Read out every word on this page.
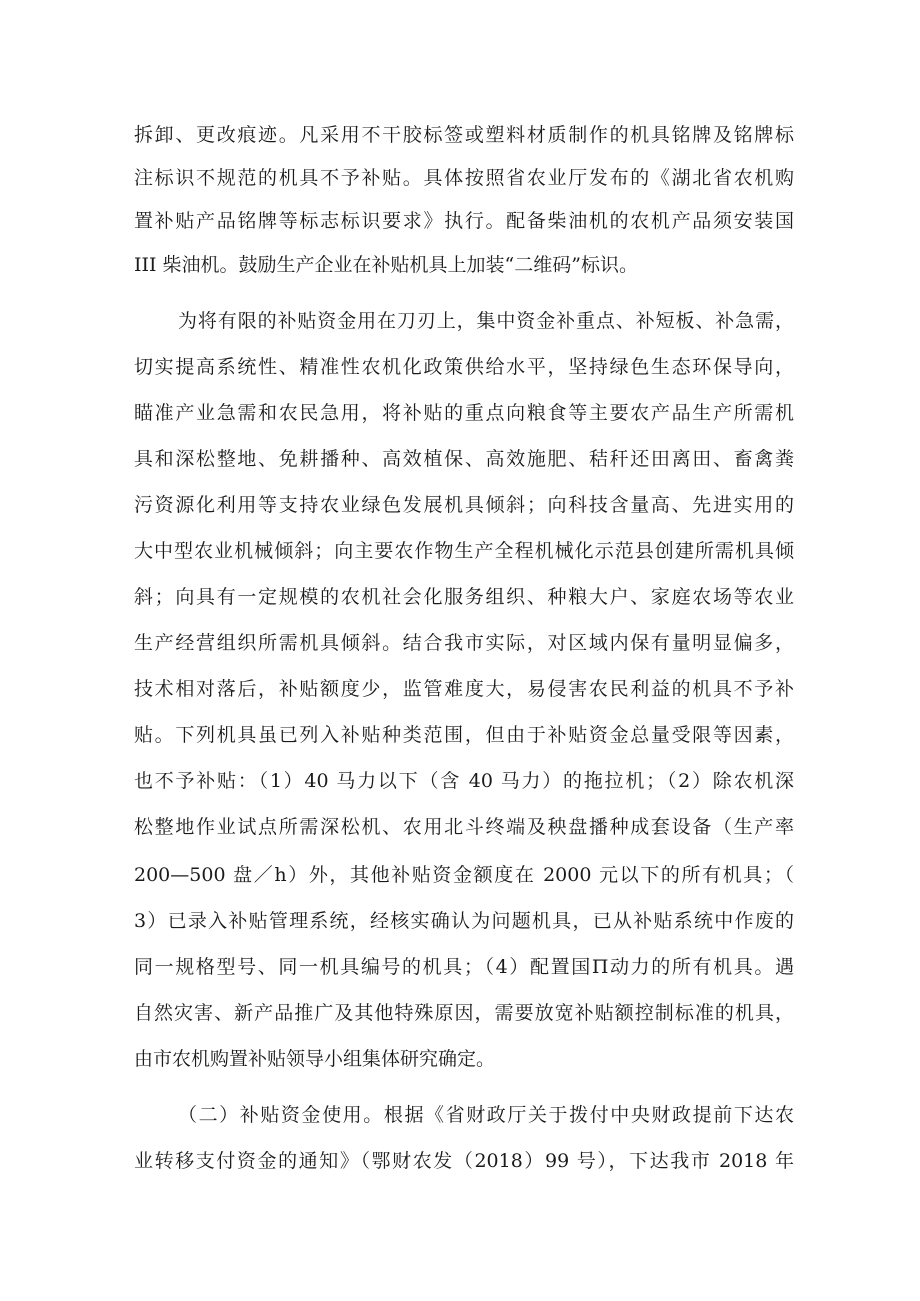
拆卸、更改痕迹。凡采用不干胶标签或塑料材质制作的机具铭牌及铭牌标
注标识不规范的机具不予补贴。具体按照省农业厅发布的《湖北省农机购
置补贴产品铭牌等标志标识要求》执行。配备柴油机的农机产品须安装国
III 柴油机。鼓励生产企业在补贴机具上加装“二维码”标识。
为将有限的补贴资金用在刀刃上，集中资金补重点、补短板、补急需，
切实提高系统性、精准性农机化政策供给水平，坚持绿色生态环保导向，
瞄准产业急需和农民急用，将补贴的重点向粮食等主要农产品生产所需机
具和深松整地、免耕播种、高效植保、高效施肥、秸秆还田离田、畜禽粪
污资源化利用等支持农业绿色发展机具倾斜；向科技含量高、先进实用的
大中型农业机械倾斜；向主要农作物生产全程机械化示范县创建所需机具倾
斜；向具有一定规模的农机社会化服务组织、种粮大户、家庭农场等农业
生产经营组织所需机具倾斜。结合我市实际，对区域内保有量明显偏多，
技术相对落后，补贴额度少，监管难度大，易侵害农民利益的机具不予补
贴。下列机具虽已列入补贴种类范围，但由于补贴资金总量受限等因素，
也不予补贴：（1）40 马力以下（含 40 马力）的拖拉机；（2）除农机深
松整地作业试点所需深松机、农用北斗终端及秧盘播种成套设备（生产率
200—500 盘／h）外，其他补贴资金额度在 2000 元以下的所有机具；（
3）已录入补贴管理系统，经核实确认为问题机具，已从补贴系统中作废的
同一规格型号、同一机具编号的机具；（4）配置国Π动力的所有机具。遇
自然灾害、新产品推广及其他特殊原因，需要放宽补贴额控制标准的机具，
由市农机购置补贴领导小组集体研究确定。
（二）补贴资金使用。根据《省财政厅关于拨付中央财政提前下达农
业转移支付资金的通知》（鄂财农发（2018）99 号），下达我市 2018 年
